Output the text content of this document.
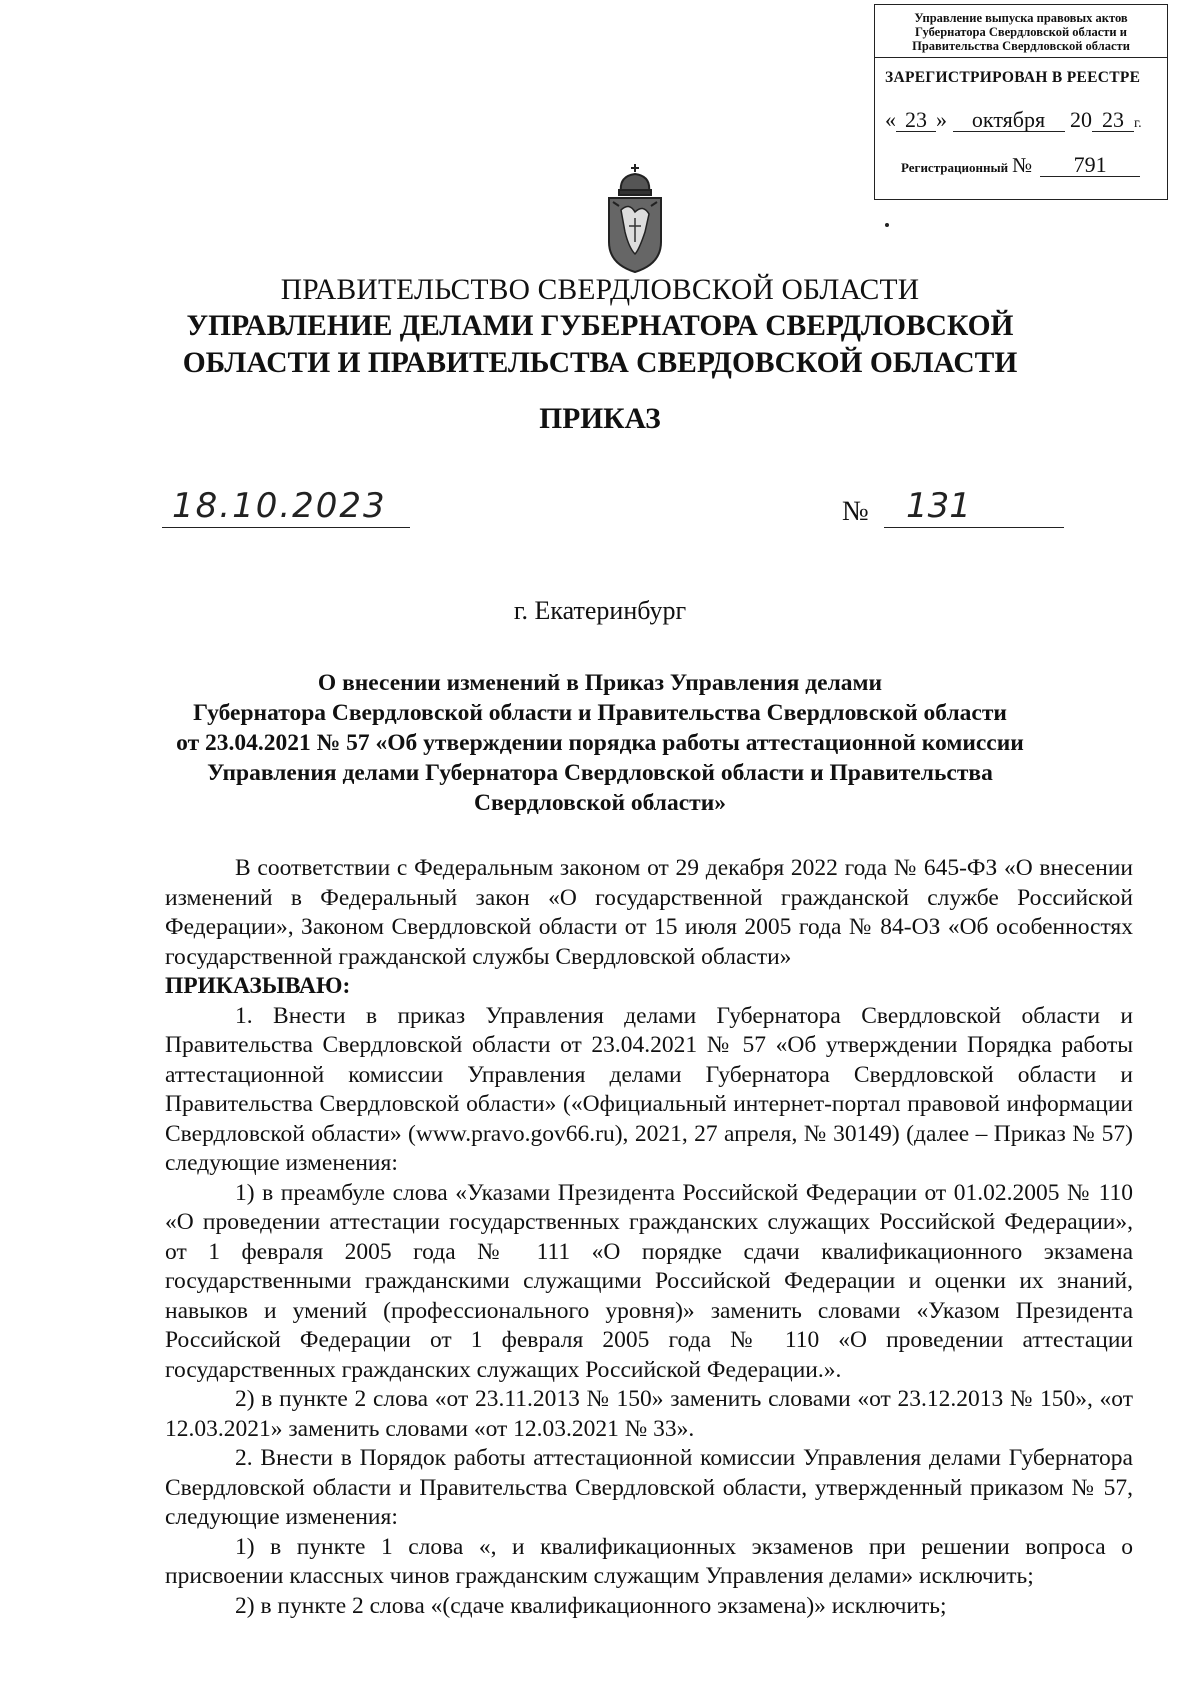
Управление выпуска правовых актов Губернатора Свердловской области и Правительства Свердловской области
ЗАРЕГИСТРИРОВАН В РЕЕСТРЕ
« 23 » октября 20 23 г.
Регистрационный № 791
ПРАВИТЕЛЬСТВО СВЕРДЛОВСКОЙ ОБЛАСТИ
УПРАВЛЕНИЕ ДЕЛАМИ ГУБЕРНАТОРА СВЕРДЛОВСКОЙ
ОБЛАСТИ И ПРАВИТЕЛЬСТВА СВЕРДОВСКОЙ ОБЛАСТИ
ПРИКАЗ
18.10.2023	№	131
г. Екатеринбург
О внесении изменений в Приказ Управления делами
Губернатора Свердловской области и Правительства Свердловской области
от 23.04.2021 № 57 «Об утверждении порядка работы аттестационной комиссии
Управления делами Губернатора Свердловской области и Правительства
Свердловской области»

В соответствии с Федеральным законом от 29 декабря 2022 года № 645-ФЗ «О внесении изменений в Федеральный закон «О государственной гражданской службе Российской Федерации», Законом Свердловской области от 15 июля 2005 года № 84-ОЗ «Об особенностях государственной гражданской службы Свердловской области»

ПРИКАЗЫВАЮ:

1. Внести в приказ Управления делами Губернатора Свердловской области и Правительства Свердловской области от 23.04.2021 № 57 «Об утверждении Порядка работы аттестационной комиссии Управления делами Губернатора Свердловской области и Правительства Свердловской области» («Официальный интернет-портал правовой информации Свердловской области» (www.pravo.gov66.ru), 2021, 27 апреля, № 30149) (далее – Приказ № 57) следующие изменения:

1) в преамбуле слова «Указами Президента Российской Федерации от 01.02.2005 № 110 «О проведении аттестации государственных гражданских служащих Российской Федерации», от 1 февраля 2005 года № 111 «О порядке сдачи квалификационного экзамена государственными гражданскими служащими Российской Федерации и оценки их знаний, навыков и умений (профессионального уровня)» заменить словами «Указом Президента Российской Федерации от 1 февраля 2005 года № 110 «О проведении аттестации государственных гражданских служащих Российской Федерации.».

2) в пункте 2 слова «от 23.11.2013 № 150» заменить словами «от 23.12.2013 № 150», «от 12.03.2021» заменить словами «от 12.03.2021 № 33».

2. Внести в Порядок работы аттестационной комиссии Управления делами Губернатора Свердловской области и Правительства Свердловской области, утвержденный приказом № 57, следующие изменения:

1) в пункте 1 слова «, и квалификационных экзаменов при решении вопроса о присвоении классных чинов гражданским служащим Управления делами» исключить;

2) в пункте 2 слова «(сдаче квалификационного экзамена)» исключить;
